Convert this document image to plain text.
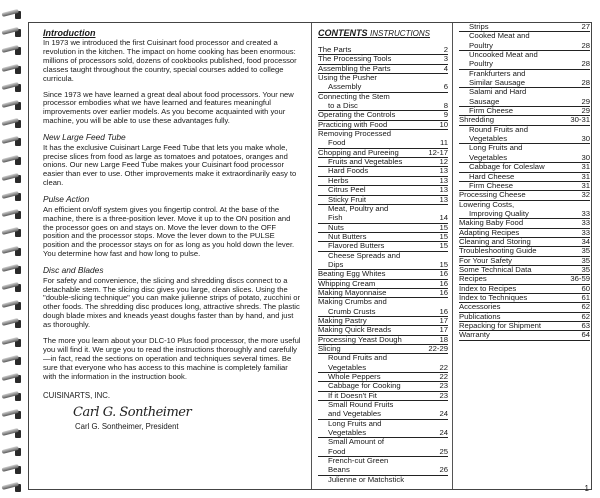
Introduction

In 1973 we introduced the first Cuisinart food processor and created a revolution in the kitchen. The impact on home cooking has been enormous: millions of processors sold, dozens of cookbooks published, food processor classes taught throughout the country, special courses added to college curricula.

Since 1973 we have learned a great deal about food processors. Your new processor embodies what we have learned and features meaningful improvements over earlier models. As you become acquainted with your machine, you will be able to use these advantages fully.

New Large Feed Tube

It has the exclusive Cuisinart Large Feed Tube that lets you make whole, precise slices from food as large as tomatoes and potatoes, oranges and onions. Our new Large Feed Tube makes your Cuisinart food processor easier than ever to use. Other improvements make it extraordinarily easy to clean.

Pulse Action

An efficient on/off system gives you fingertip control. At the base of the machine, there is a three-position lever. Move it up to the ON position and the processor goes on and stays on. Move the lever down to the OFF position and the processor stops. Move the lever down to the PULSE position and the processor stays on for as long as you hold down the lever. You determine how fast and how long to pulse.

Disc and Blades

For safety and convenience, the slicing and shredding discs connect to a detachable stem. The slicing disc gives you large, clean slices. Using the "double-slicing technique" you can make julienne strips of potato, zucchini or other foods. The shredding disc produces long, attractive shreds. The plastic dough blade mixes and kneads yeast doughs faster than by hand, and just as thoroughly.

The more you learn about your DLC-10 Plus food processor, the more useful you will find it. We urge you to read the instructions thoroughly and carefully—in fact, read the sections on operation and techniques several times. Be sure that everyone who has access to this machine is completely familiar with the information in the instruction book.

CUISINARTS, INC.
Carl G. Sontheimer
Carl G. Sontheimer, President
CONTENTS INSTRUCTIONS
The Parts	2
The Processing Tools	3
Assembling the Parts	4
Using the Pusher
Assembly	6
Connecting the Stem
to a Disc	8
Operating the Controls	9
Practicing with Food	10
Removing Processed
Food	11
Chopping and Pureeing	12-17
Fruits and Vegetables	12
Hard Foods	13
Herbs	13
Citrus Peel	13
Sticky Fruit	13
Meat, Poultry and
Fish	14
Nuts	15
Nut Butters	15
Flavored Butters	15
Cheese Spreads and
Dips	15
Beating Egg Whites	16
Whipping Cream	16
Making Mayonnaise	16
Making Crumbs and
Crumb Crusts	16
Making Pastry	17
Making Quick Breads	17
Processing Yeast Dough	18
Slicing	22-29
Round Fruits and
Vegetables	22
Whole Peppers	22
Cabbage for Cooking	23
If it Doesn't Fit	23
Small Round Fruits
and Vegetables	24
Long Fruits and
Vegetables	24
Small Amount of
Food	25
French-cut Green
Beans	26
Julienne or Matchstick
Strips	27
Cooked Meat and
Poultry	28
Uncooked Meat and
Poultry	28
Frankfurters and
Similar Sausage	28
Salami and Hard
Sausage	29
Firm Cheese	29
Shredding	30-31
Round Fruits and
Vegetables	30
Long Fruits and
Vegetables	30
Cabbage for Coleslaw	31
Hard Cheese	31
Firm Cheese	31
Processing Cheese	32
Lowering Costs,
Improving Quality	33
Making Baby Food	33
Adapting Recipes	33
Cleaning and Storing	34
Troubleshooting Guide	35
For Your Safety	35
Some Technical Data	35
Recipes	36-59
Index to Recipes	60
Index to Techniques	61
Accessories	62
Publications	62
Repacking for Shipment	63
Warranty	64
1
